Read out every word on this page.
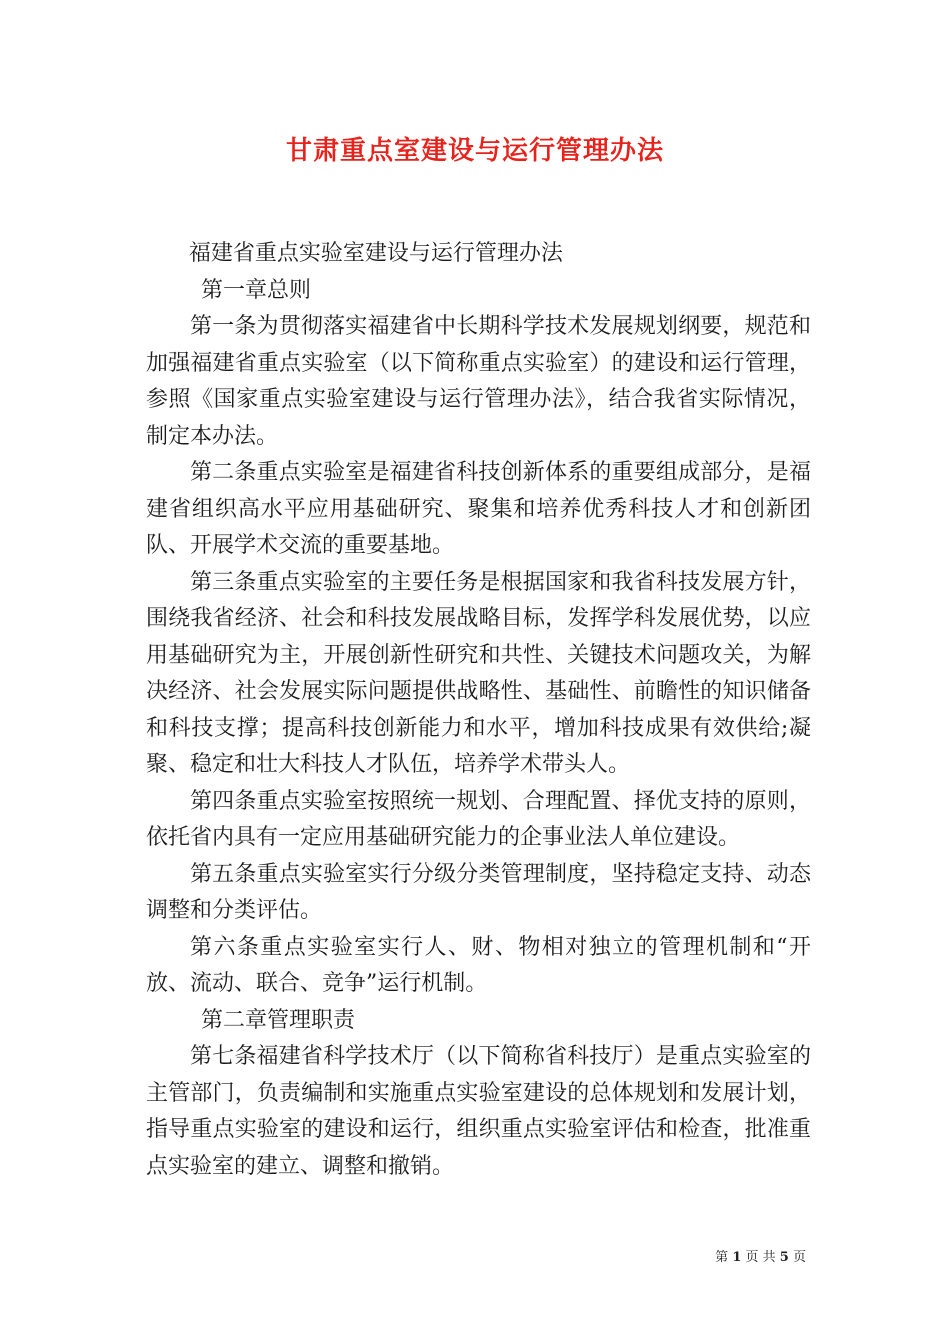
甘肃重点室建设与运行管理办法

福建省重点实验室建设与运行管理办法

第一章总则

第一条为贯彻落实福建省中长期科学技术发展规划纲要，规范和加强福建省重点实验室（以下简称重点实验室）的建设和运行管理，参照《国家重点实验室建设与运行管理办法》，结合我省实际情况，制定本办法。

第二条重点实验室是福建省科技创新体系的重要组成部分，是福建省组织高水平应用基础研究、聚集和培养优秀科技人才和创新团队、开展学术交流的重要基地。

第三条重点实验室的主要任务是根据国家和我省科技发展方针，围绕我省经济、社会和科技发展战略目标，发挥学科发展优势，以应用基础研究为主，开展创新性研究和共性、关键技术问题攻关，为解决经济、社会发展实际问题提供战略性、基础性、前瞻性的知识储备和科技支撑；提高科技创新能力和水平，增加科技成果有效供给;凝聚、稳定和壮大科技人才队伍，培养学术带头人。

第四条重点实验室按照统一规划、合理配置、择优支持的原则，依托省内具有一定应用基础研究能力的企事业法人单位建设。

第五条重点实验室实行分级分类管理制度，坚持稳定支持、动态调整和分类评估。

第六条重点实验室实行人、财、物相对独立的管理机制和“开放、流动、联合、竞争”运行机制。

第二章管理职责

第七条福建省科学技术厅（以下简称省科技厅）是重点实验室的主管部门，负责编制和实施重点实验室建设的总体规划和发展计划，指导重点实验室的建设和运行，组织重点实验室评估和检查，批准重点实验室的建立、调整和撤销。

第 1 页 共 5 页
